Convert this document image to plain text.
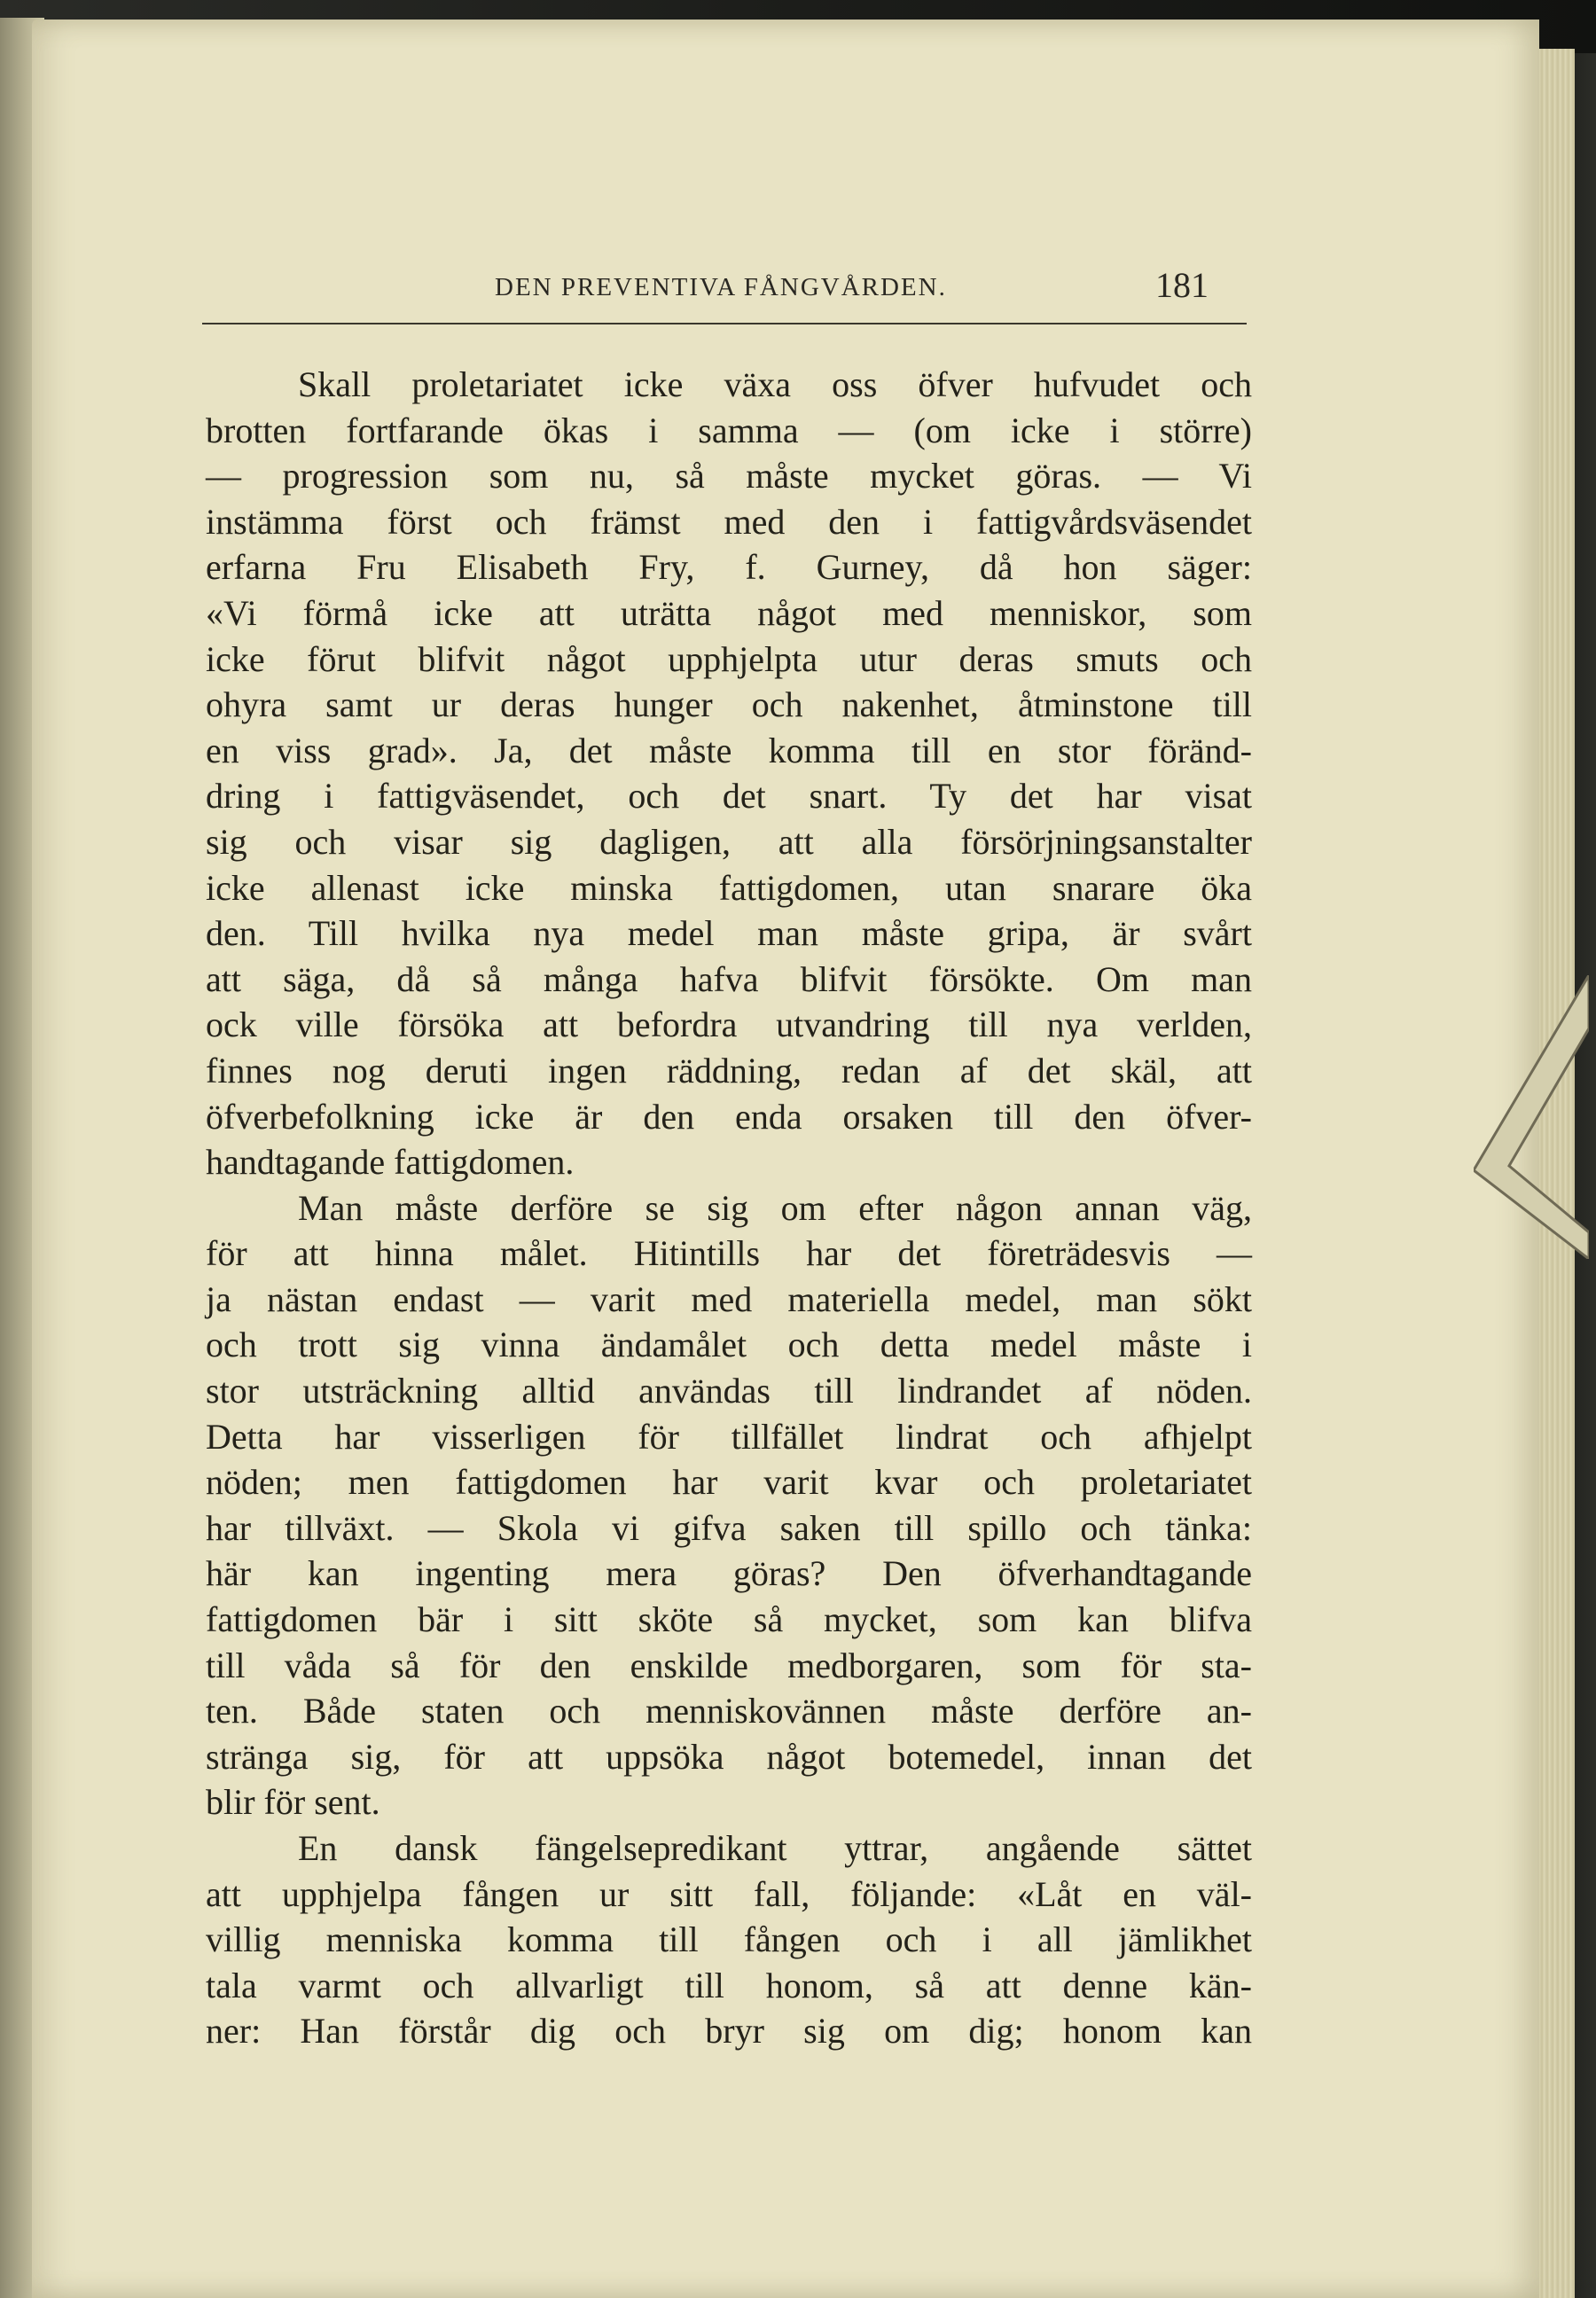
DEN PREVENTIVA FÅNGVÅRDEN.	181
Skall proletariatet icke växa oss öfver hufvudet och
brotten fortfarande ökas i samma — (om icke i större)
— progression som nu, så måste mycket göras. — Vi
instämma först och främst med den i fattigvårdsväsendet
erfarna Fru Elisabeth Fry, f. Gurney, då hon säger:
«Vi förmå icke att uträtta något med menniskor, som
icke förut blifvit något upphjelpta utur deras smuts och
ohyra samt ur deras hunger och nakenhet, åtminstone till
en viss grad». Ja, det måste komma till en stor föränd-
dring i fattigväsendet, och det snart. Ty det har visat
sig och visar sig dagligen, att alla försörjningsanstalter
icke allenast icke minska fattigdomen, utan snarare öka
den. Till hvilka nya medel man måste gripa, är svårt
att säga, då så många hafva blifvit försökte. Om man
ock ville försöka att befordra utvandring till nya verlden,
finnes nog deruti ingen räddning, redan af det skäl, att
öfverbefolkning icke är den enda orsaken till den öfver-
handtagande fattigdomen.
Man måste derföre se sig om efter någon annan väg,
för att hinna målet. Hitintills har det företrädesvis —
ja nästan endast — varit med materiella medel, man sökt
och trott sig vinna ändamålet och detta medel måste i
stor utsträckning alltid användas till lindrandet af nöden.
Detta har visserligen för tillfället lindrat och afhjelpt
nöden; men fattigdomen har varit kvar och proletariatet
har tillväxt. — Skola vi gifva saken till spillo och tänka:
här kan ingenting mera göras? Den öfverhandtagande
fattigdomen bär i sitt sköte så mycket, som kan blifva
till våda så för den enskilde medborgaren, som för sta-
ten. Både staten och menniskovännen måste derföre an-
stränga sig, för att uppsöka något botemedel, innan det
blir för sent.
En dansk fängelsepredikant yttrar, angående sättet
att upphjelpa fången ur sitt fall, följande: «Låt en väl-
villig menniska komma till fången och i all jämlikhet
tala varmt och allvarligt till honom, så att denne kän-
ner: Han förstår dig och bryr sig om dig; honom kan
